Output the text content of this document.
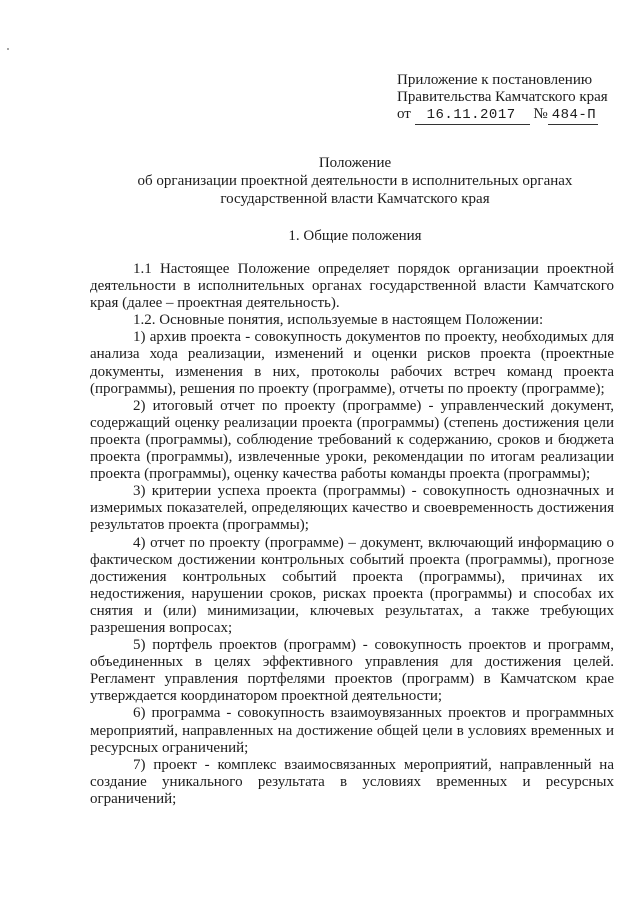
Приложение к постановлению
Правительства Камчатского края
от 16.11.2017 № 484-П
Положение
об организации проектной деятельности в исполнительных органах
государственной власти Камчатского края
1. Общие положения

1.1 Настоящее Положение определяет порядок организации проектной деятельности в исполнительных органах государственной власти Камчатского края (далее – проектная деятельность).

1.2. Основные понятия, используемые в настоящем Положении:

1) архив проекта - совокупность документов по проекту, необходимых для анализа хода реализации, изменений и оценки рисков проекта (проектные документы, изменения в них, протоколы рабочих встреч команд проекта (программы), решения по проекту (программе), отчеты по проекту (программе);

2) итоговый отчет по проекту (программе) - управленческий документ, содержащий оценку реализации проекта (программы) (степень достижения цели проекта (программы), соблюдение требований к содержанию, сроков и бюджета проекта (программы), извлеченные уроки, рекомендации по итогам реализации проекта (программы), оценку качества работы команды проекта (программы);

3) критерии успеха проекта (программы) - совокупность однозначных и измеримых показателей, определяющих качество и своевременность достижения результатов проекта (программы);

4) отчет по проекту (программе) – документ, включающий информацию о фактическом достижении контрольных событий проекта (программы), прогнозе достижения контрольных событий проекта (программы), причинах их недостижения, нарушении сроков, рисках проекта (программы) и способах их снятия и (или) минимизации, ключевых результатах, а также требующих разрешения вопросах;

5) портфель проектов (программ) - совокупность проектов и программ, объединенных в целях эффективного управления для достижения целей. Регламент управления портфелями проектов (программ) в Камчатском крае утверждается координатором проектной деятельности;

6) программа - совокупность взаимоувязанных проектов и программных мероприятий, направленных на достижение общей цели в условиях временных и ресурсных ограничений;

7) проект - комплекс взаимосвязанных мероприятий, направленный на создание уникального результата в условиях временных и ресурсных ограничений;
